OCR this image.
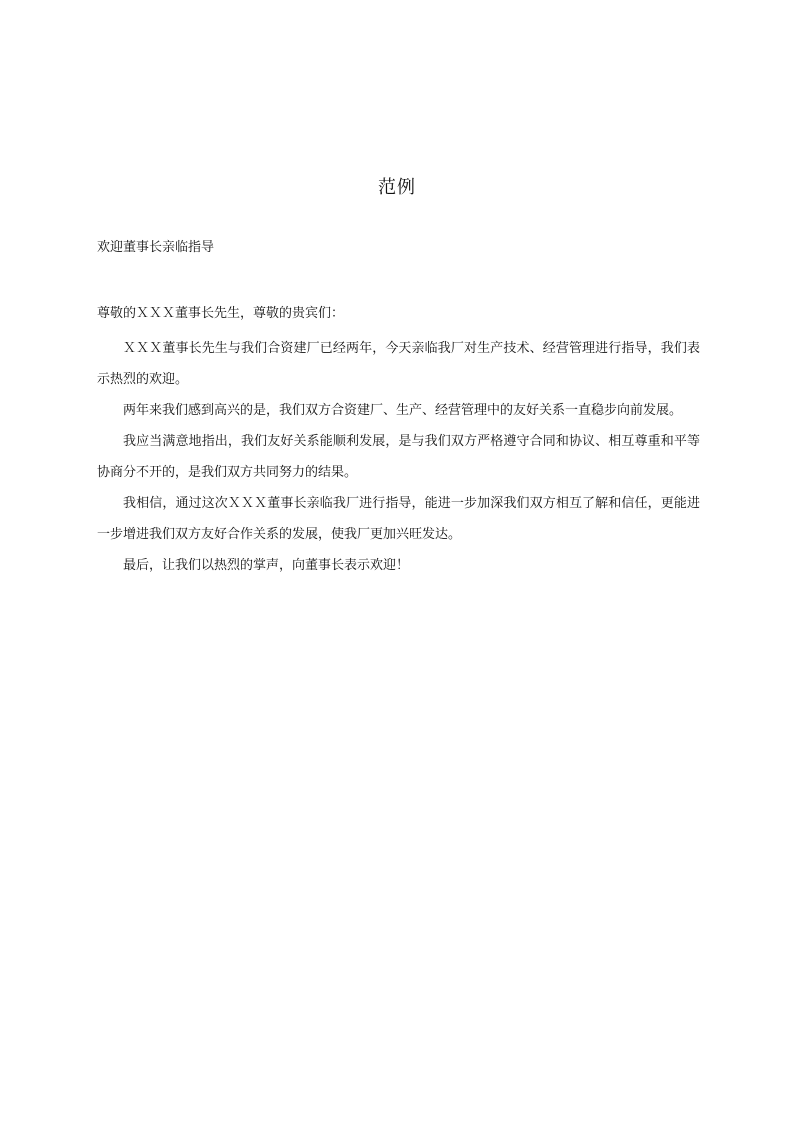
范例
欢迎董事长亲临指导
尊敬的ＸＸＸ董事长先生，尊敬的贵宾们：

ＸＸＸ董事长先生与我们合资建厂已经两年，今天亲临我厂对生产技术、经营管理进行指导，我们表示热烈的欢迎。

两年来我们感到高兴的是，我们双方合资建厂、生产、经营管理中的友好关系一直稳步向前发展。

我应当满意地指出，我们友好关系能顺利发展，是与我们双方严格遵守合同和协议、相互尊重和平等协商分不开的，是我们双方共同努力的结果。

我相信，通过这次ＸＸＸ董事长亲临我厂进行指导，能进一步加深我们双方相互了解和信任，更能进一步增进我们双方友好合作关系的发展，使我厂更加兴旺发达。

最后，让我们以热烈的掌声，向董事长表示欢迎！
